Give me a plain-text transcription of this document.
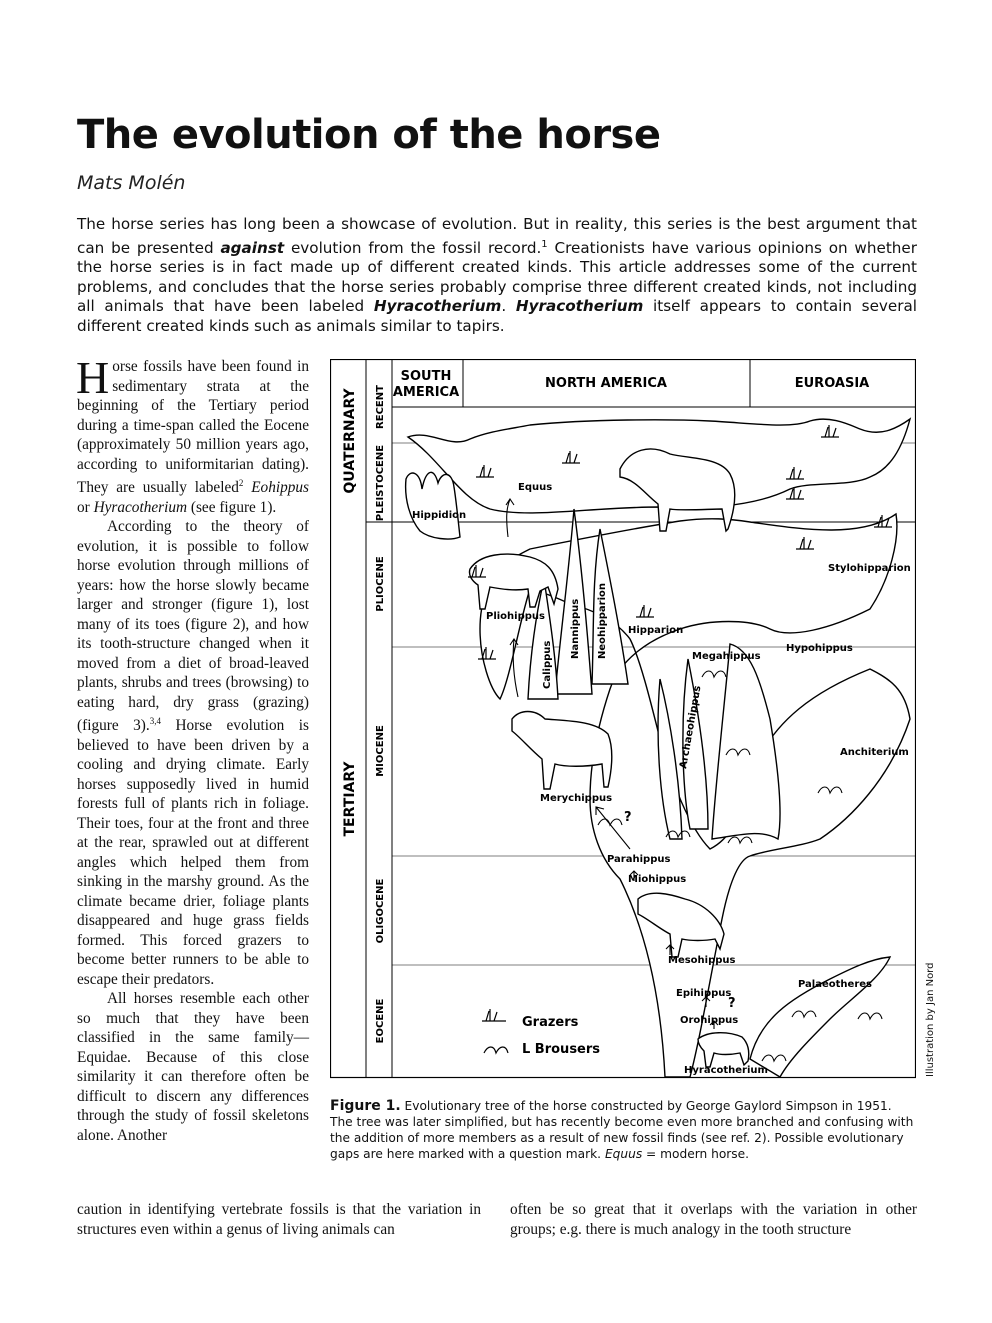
The evolution of the horse
Mats Molén

The horse series has long been a showcase of evolution. But in reality, this series is the best argument that can be presented against evolution from the fossil record.$^1$ Creationists have various opinions on whether the horse series is in fact made up of different created kinds. This article addresses some of the current problems, and concludes that the horse series probably comprise three different created kinds, not including all animals that have been labeled Hyracotherium. Hyracotherium itself appears to contain several different created kinds such as animals similar to tapirs.

Horse fossils have been found in sedimentary strata at the beginning of the Tertiary period during a time-span called the Eocene (approximately 50 million years ago, according to uniformitarian dating). They are usually labeled$^2$ Eohippus or Hyracotherium (see figure 1).

According to the theory of evolution, it is possible to follow horse evolution through millions of years: how the horse slowly became larger and stronger (figure 1), lost many of its toes (figure 2), and how its tooth-structure changed when it moved from a diet of broad-leaved plants, shrubs and trees (browsing) to eating hard, dry grass (grazing) (figure 3).$^{3,4}$ Horse evolution is believed to have been driven by a cooling and drying climate. Early horses supposedly lived in humid forests full of plants rich in foliage. Their toes, four at the front and three at the rear, sprawled out at different angles which helped them from sinking in the marshy ground. As the climate became drier, foliage plants disappeared and huge grass fields formed. This forced grazers to become better runners to be able to escape their predators.

All horses resemble each other so much that they have been classified in the same family—Equidae. Because of this close similarity it can therefore often be difficult to discern any differences through the study of fossil skeletons alone. Another

caution in identifying vertebrate fossils is that the variation in structures even within a genus of living animals can
often be so great that it overlaps with the variation in other groups; e.g. there is much analogy in the tooth structure
SOUTH AMERICA
NORTH AMERICA	EUROASIA
QUATERNARY
TERTIARY
RECENT
PLEISTOCENE
PLIOCENE
MIOCENE
OLIGOCENE
EOCENE
Equus
Hippidion
Stylohipparion
Pliohippus	Nannippus Neohipparion
Calippus
Hipparion
Megahippus
Hypohippus
Archaeohippus	Anchiterium
Merychippus
Parahippus
Miohippus
Mesohippus
Epihippus
Orohippus
Palaeotheres
Hyracotherium
?
?
Grazers
L Brousers	Illustration by Jan Nord

Figure 1. Evolutionary tree of the horse constructed by George Gaylord Simpson in 1951. The tree was later simplified, but has recently become even more branched and confusing with the addition of more members as a result of new fossil finds (see ref. 2). Possible evolutionary gaps are here marked with a question mark. Equus = modern horse.
